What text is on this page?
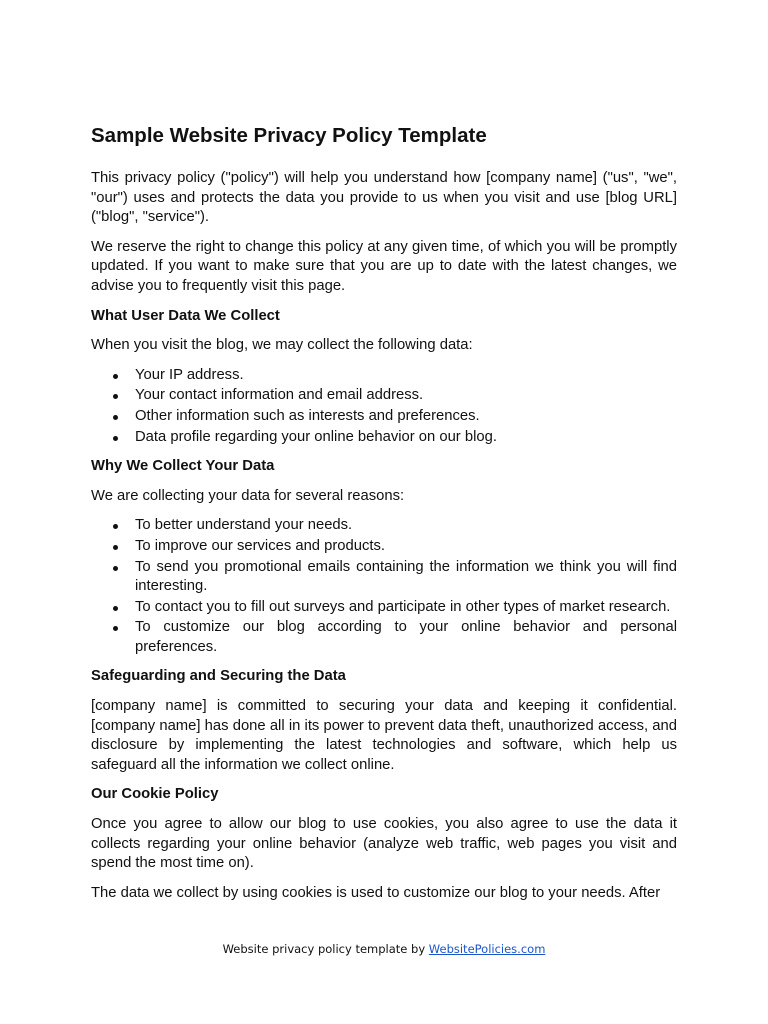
Sample Website Privacy Policy Template

This privacy policy ("policy") will help you understand how [company name] ("us", "we", "our") uses and protects the data you provide to us when you visit and use [blog URL] ("blog", "service").

We reserve the right to change this policy at any given time, of which you will be promptly updated. If you want to make sure that you are up to date with the latest changes, we advise you to frequently visit this page.

What User Data We Collect

When you visit the blog, we may collect the following data:

Your IP address.
Your contact information and email address.
Other information such as interests and preferences.
Data profile regarding your online behavior on our blog.
Why We Collect Your Data

We are collecting your data for several reasons:

To better understand your needs.
To improve our services and products.
To send you promotional emails containing the information we think you will find interesting.
To contact you to fill out surveys and participate in other types of market research.
To customize our blog according to your online behavior and personal preferences.
Safeguarding and Securing the Data

[company name] is committed to securing your data and keeping it confidential. [company name] has done all in its power to prevent data theft, unauthorized access, and disclosure by implementing the latest technologies and software, which help us safeguard all the information we collect online.

Our Cookie Policy

Once you agree to allow our blog to use cookies, you also agree to use the data it collects regarding your online behavior (analyze web traffic, web pages you visit and spend the most time on).

The data we collect by using cookies is used to customize our blog to your needs. After

Website privacy policy template by WebsitePolicies.com
